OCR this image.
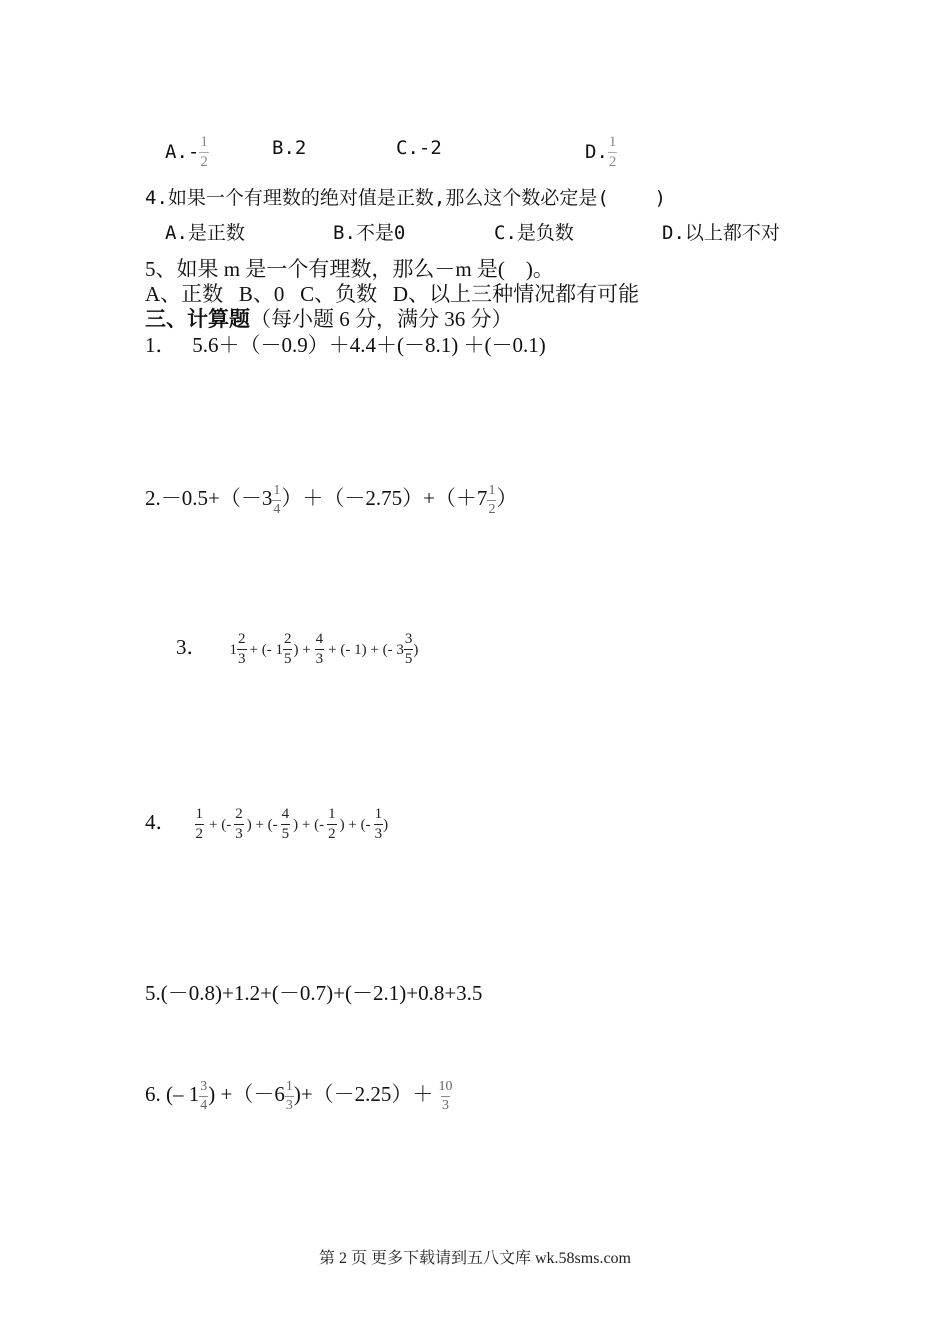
$A.- \frac{1}{2}$	B.2	C.-2	D. $\frac{1}{2}$
4.如果一个有理数的绝对值是正数,那么这个数必定是(    )
A.是正数	B.不是0	C.是负数	D.以上都不对
5、如果 m 是一个有理数，那么－m 是(    )。
A、正数   B、0   C、负数   D、以上三种情况都有可能
三、计算题（每小题 6 分，满分 36 分）
1．   5.6＋（－0.9）＋4.4＋(－8.1) ＋(－0.1)
$2.-0.5+(-3 \frac{1}{4} )+(-2.75)+(+7 \frac{1}{2}$ ）
3． $1 \frac{2}{3}$ + (- $1 \frac{2}{5}$ ) + $\frac{4}{3}$ + (- 1) + (- $3 \frac{3}{5}$ )
4． $\frac{1}{2}$ + (- $\frac{2}{3}$ ) + (- $\frac{4}{5}$ ) + (- $\frac{1}{2}$ ) + (- $\frac{1}{3}$ )
5.(－0.8)+1.2+(－0.7)+(－2.1)+0.8+3.5
6. (– $1 \frac{3}{4}$ ) $+(-6 \frac{1}{3} )+(-2.25)+ \frac{10}{3}$
第 2 页 更多下载请到五八文库 wk.58sms.com
